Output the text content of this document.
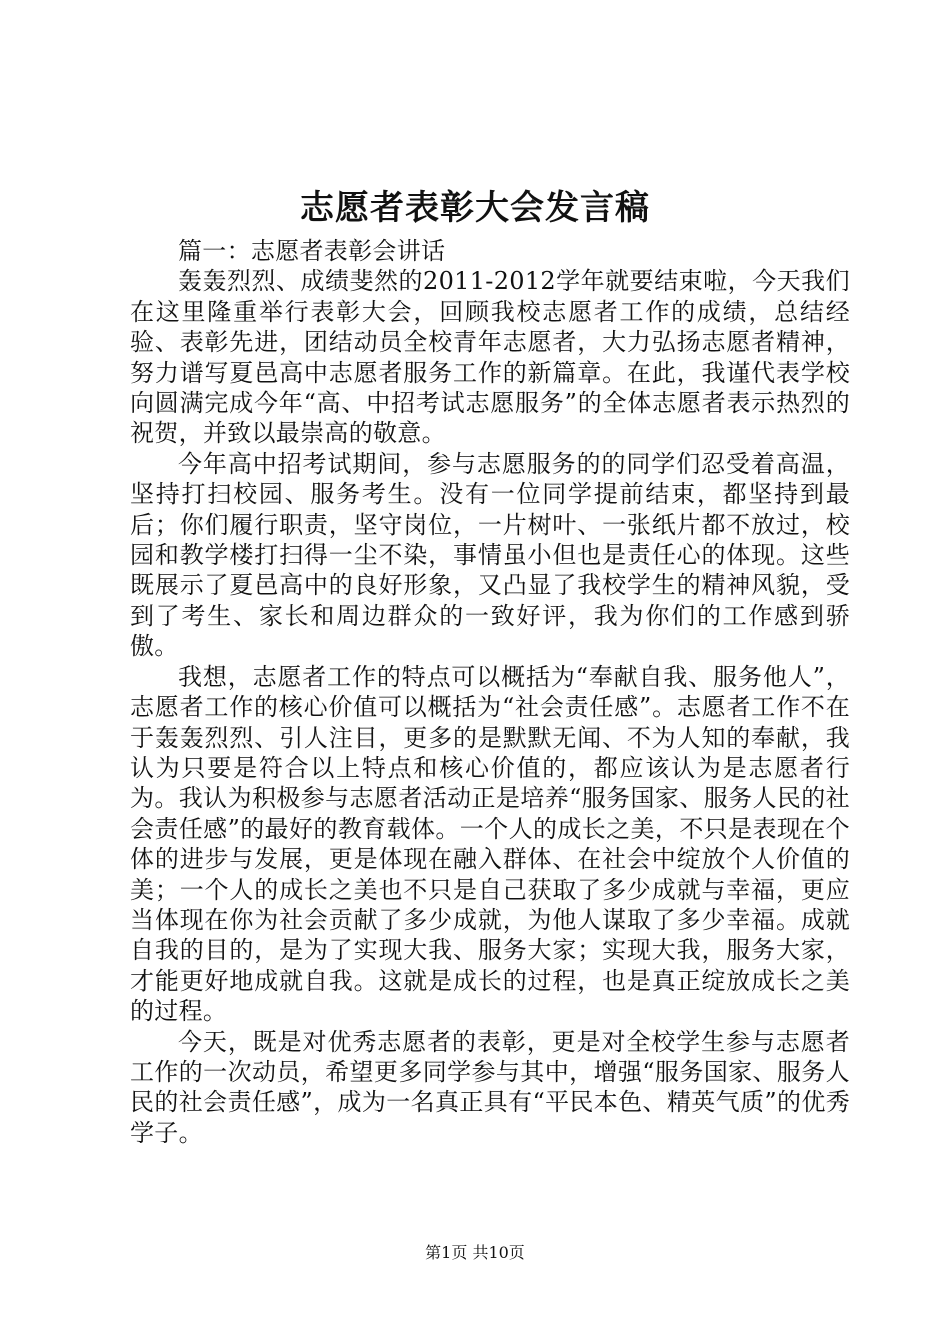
志愿者表彰大会发言稿

篇一：志愿者表彰会讲话

轰轰烈烈、成绩斐然的2011-2012学年就要结束啦，今天我们在这里隆重举行表彰大会，回顾我校志愿者工作的成绩，总结经验、表彰先进，团结动员全校青年志愿者，大力弘扬志愿者精神，努力谱写夏邑高中志愿者服务工作的新篇章。在此，我谨代表学校向圆满完成今年“高、中招考试志愿服务”的全体志愿者表示热烈的祝贺，并致以最崇高的敬意。

今年高中招考试期间，参与志愿服务的的同学们忍受着高温，坚持打扫校园、服务考生。没有一位同学提前结束，都坚持到最后；你们履行职责，坚守岗位，一片树叶、一张纸片都不放过，校园和教学楼打扫得一尘不染，事情虽小但也是责任心的体现。这些既展示了夏邑高中的良好形象，又凸显了我校学生的精神风貌，受到了考生、家长和周边群众的一致好评，我为你们的工作感到骄傲。

我想，志愿者工作的特点可以概括为“奉献自我、服务他人”，志愿者工作的核心价值可以概括为“社会责任感”。志愿者工作不在于轰轰烈烈、引人注目，更多的是默默无闻、不为人知的奉献，我认为只要是符合以上特点和核心价值的，都应该认为是志愿者行为。我认为积极参与志愿者活动正是培养“服务国家、服务人民的社会责任感”的最好的教育载体。一个人的成长之美，不只是表现在个体的进步与发展，更是体现在融入群体、在社会中绽放个人价值的美；一个人的成长之美也不只是自己获取了多少成就与幸福，更应当体现在你为社会贡献了多少成就，为他人谋取了多少幸福。成就自我的目的，是为了实现大我、服务大家；实现大我，服务大家，才能更好地成就自我。这就是成长的过程，也是真正绽放成长之美的过程。

今天，既是对优秀志愿者的表彰，更是对全校学生参与志愿者工作的一次动员，希望更多同学参与其中，增强“服务国家、服务人民的社会责任感”，成为一名真正具有“平民本色、精英气质”的优秀学子。

第1页 共10页
